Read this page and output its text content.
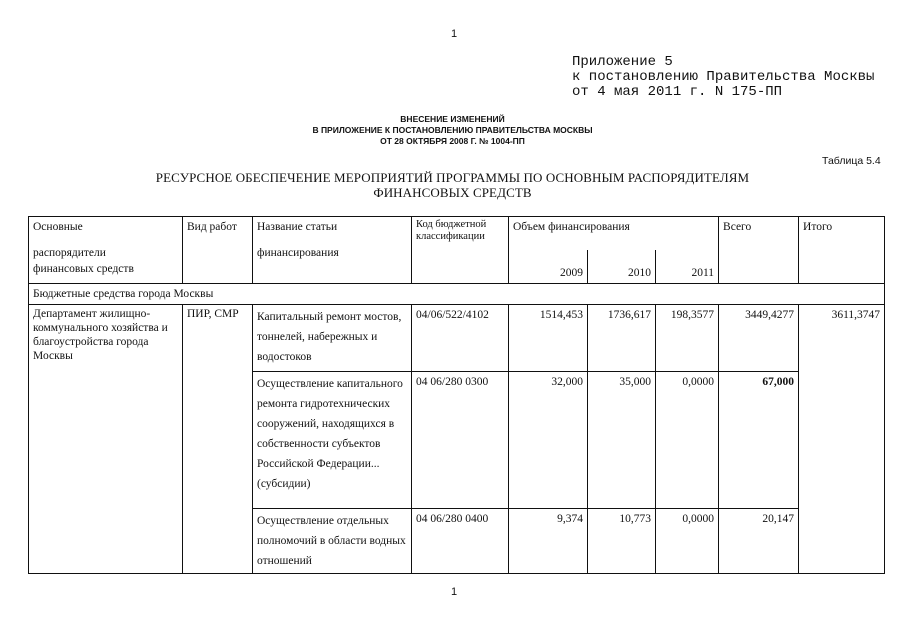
1
Приложение 5
к постановлению Правительства Москвы
от 4 мая 2011 г. N 175-ПП
ВНЕСЕНИЕ ИЗМЕНЕНИЙ
В ПРИЛОЖЕНИЕ К ПОСТАНОВЛЕНИЮ ПРАВИТЕЛЬСТВА МОСКВЫ
ОТ 28 ОКТЯБРЯ 2008 Г. № 1004-ПП
Таблица 5.4
РЕСУРСНОЕ ОБЕСПЕЧЕНИЕ МЕРОПРИЯТИЙ ПРОГРАММЫ ПО ОСНОВНЫМ РАСПОРЯДИТЕЛЯМ
ФИНАНСОВЫХ СРЕДСТВ
Основные
распорядители
финансовых средств	Вид работ	Название статьи
финансирования	Код бюджетной классификации	Объем финансирования			Всего	Итого
				2009	2010	2011		
Бюджетные средства города Москвы								
Департамент жилищно-коммунального хозяйства и благоустройства города Москвы	ПИР, СМР	Капитальный ремонт мостов, тоннелей, набережных и водостоков	04/06/522/4102	1514,453	1736,617	198,3577	3449,4277	3611,3747
		Осуществление капитального ремонта гидротехнических сооружений, находящихся в собственности субъектов Российской Федерации... (субсидии)	04 06/280 0300	32,000	35,000	0,0000	67,000	
		Осуществление отдельных полномочий в области водных отношений	04 06/280 0400	9,374	10,773	0,0000	20,147	
1
